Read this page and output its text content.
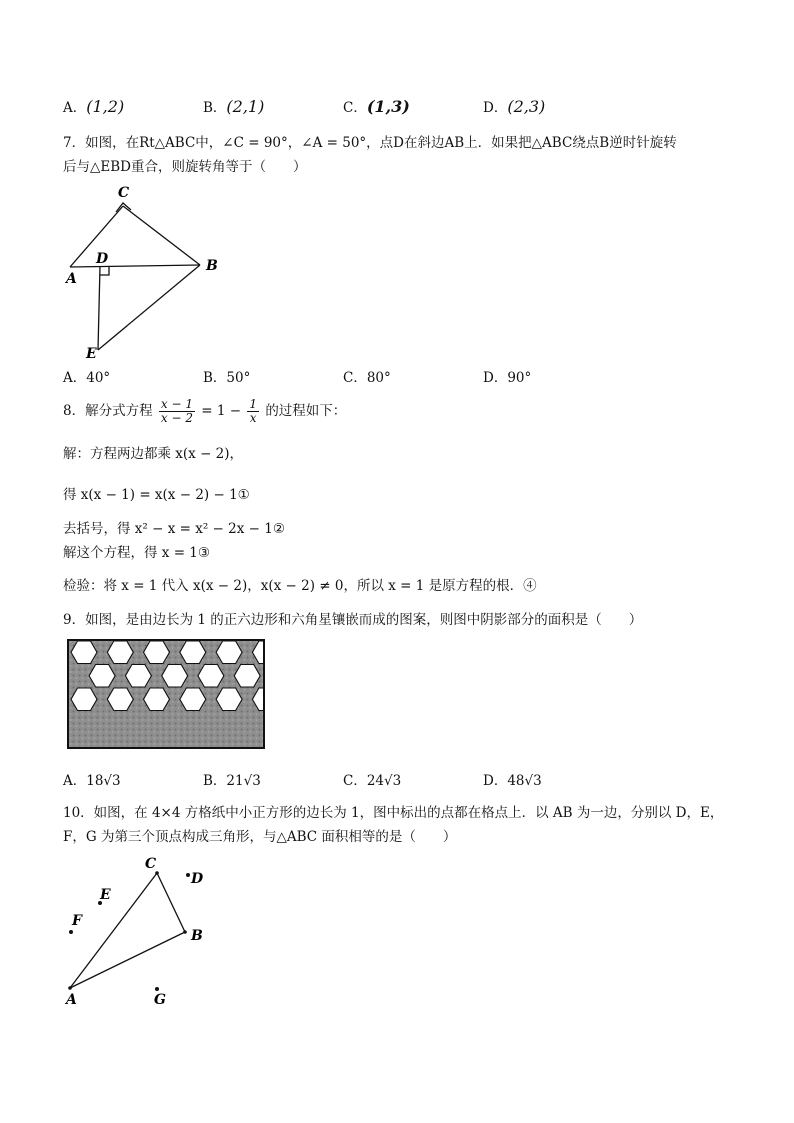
A．(1,2)	B．(2,1)	C．(1,3)	D．(2,3)
7．如图，在Rt△ABC中，∠C = 90°，∠A = 50°，点D在斜边AB上．如果把△ABC绕点B逆时针旋转
后与△EBD重合，则旋转角等于（　　）
C
D
A
B
E
A．40°	B．50°	C．80°	D．90°
8．解分式方程 $\frac{x - 1}{x - 2} = 1 - \frac{1}{x}$ 的过程如下：
解：方程两边都乘 x(x − 2)，
得 x(x − 1) = x(x − 2) − 1①
去括号，得 x² − x = x² − 2x − 1②
解这个方程，得 x = 1③
检验：将 x = 1 代入 x(x − 2)，x(x − 2) ≠ 0，所以 x = 1 是原方程的根．④
9．如图，是由边长为 1 的正六边形和六角星镶嵌而成的图案，则图中阴影部分的面积是（　　）
A．18√3	B．21√3	C．24√3	D．48√3
10．如图，在 4×4 方格纸中小正方形的边长为 1，图中标出的点都在格点上．以 AB 为一边，分别以 D，E，
F，G 为第三个顶点构成三角形，与△ABC 面积相等的是（　　）
C
D
E
F
B
A	G
